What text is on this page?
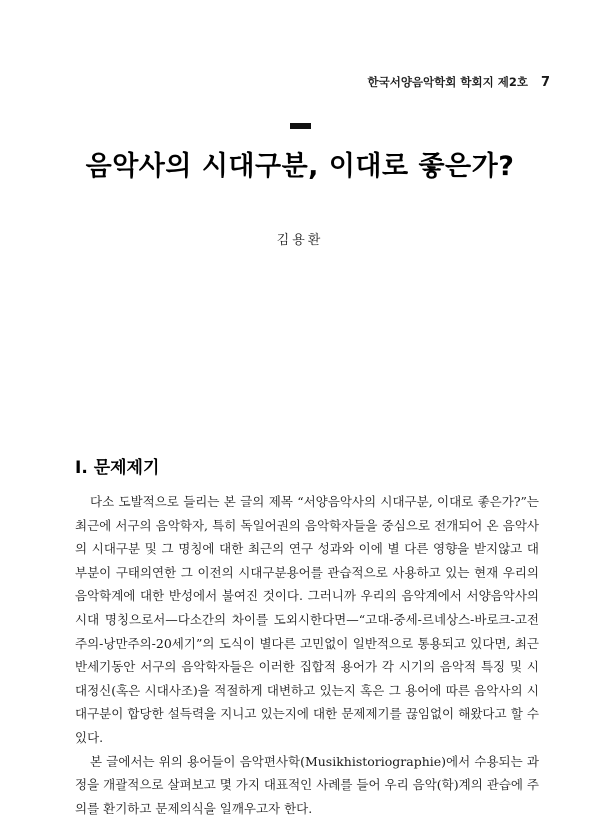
한국서양음악학회 학회지 제2호 7
음악사의 시대구분, 이대로 좋은가?
김용환
I. 문제제기

다소 도발적으로 들리는 본 글의 제목 “서양음악사의 시대구분, 이대로 좋은가?”는 최근에 서구의 음악학자, 특히 독일어권의 음악학자들을 중심으로 전개되어 온 음악사의 시대구분 및 그 명칭에 대한 최근의 연구 성과와 이에 별 다른 영향을 받지않고 대부분이 구태의연한 그 이전의 시대구분용어를 관습적으로 사용하고 있는 현재 우리의 음악학계에 대한 반성에서 불여진 것이다. 그러니까 우리의 음악계에서 서양음악사의 시대 명칭으로서—다소간의 차이를 도외시한다면—“고대-중세-르네상스-바로크-고전주의-낭만주의-20세기”의 도식이 별다른 고민없이 일반적으로 통용되고 있다면, 최근 반세기동안 서구의 음악학자들은 이러한 집합적 용어가 각 시기의 음악적 특징 및 시대정신(혹은 시대사조)을 적절하게 대변하고 있는지 혹은 그 용어에 따른 음악사의 시대구분이 합당한 설득력을 지니고 있는지에 대한 문제제기를 끊임없이 해왔다고 할 수 있다.

본 글에서는 위의 용어들이 음악편사학(Musikhistoriographie)에서 수용되는 과정을 개괄적으로 살펴보고 몇 가지 대표적인 사례를 들어 우리 음악(학)계의 관습에 주의를 환기하고 문제의식을 일깨우고자 한다.
